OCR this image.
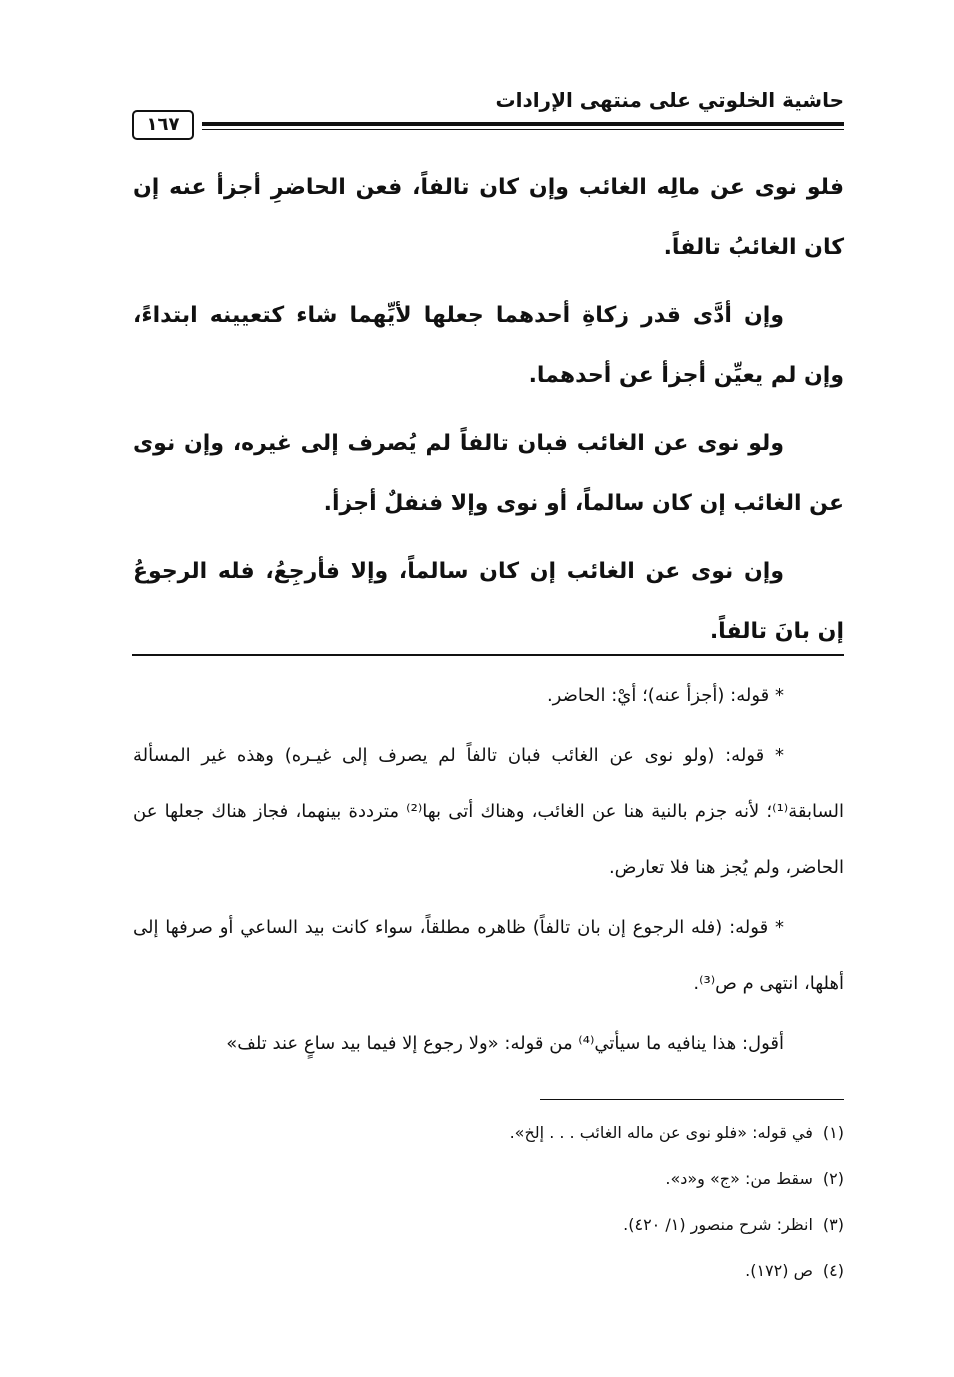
حاشية الخلوتي على منتهى الإرادات
١٦٧

فلو نوى عن مالِه الغائب وإن كان تالفاً، فعن الحاضرِ أجزأ عنه إن كان الغائبُ تالفاً.

وإن أدَّى قدر زكاةِ أحدهما جعلها لأيِّهما شاء كتعيينه ابتداءً، وإن لم يعيِّن أجزأ عن أحدهما.

ولو نوى عن الغائب فبان تالفاً لم يُصرف إلى غيره، وإن نوى عن الغائب إن كان سالماً، أو نوى وإلا فنفلٌ أجزأ.

وإن نوى عن الغائب إن كان سالماً، وإلا فأرجِعُ، فله الرجوعُ إن بانَ تالفاً.

* قوله: (أجزأ عنه)؛ أيْ: الحاضر.

* قوله: (ولو نوى عن الغائب فبان تالفاً لم يصرف إلى غيـره) وهذه غير المسألة السابقة⁽¹⁾؛ لأنه جزم بالنية هنا عن الغائب، وهناك أتى بها⁽²⁾ مترددة بينهما، فجاز هناك جعلها عن الحاضر، ولم يُجز هنا فلا تعارض.

* قوله: (فله الرجوع إن بان تالفاً) ظاهره مطلقاً، سواء كانت بيد الساعي أو صرفها إلى أهلها، انتهى م ص⁽³⁾.

أقول: هذا ينافيه ما سيأتي⁽⁴⁾ من قوله: «ولا رجوع إلا فيما بيد ساعٍ عند تلف»

(١)في قوله: «فلو نوى عن ماله الغائب . . . إلخ».

(٢)سقط من: «ج» و«د».

(٣)انظر: شرح منصور (١/ ٤٢٠).

(٤)ص (١٧٢).
